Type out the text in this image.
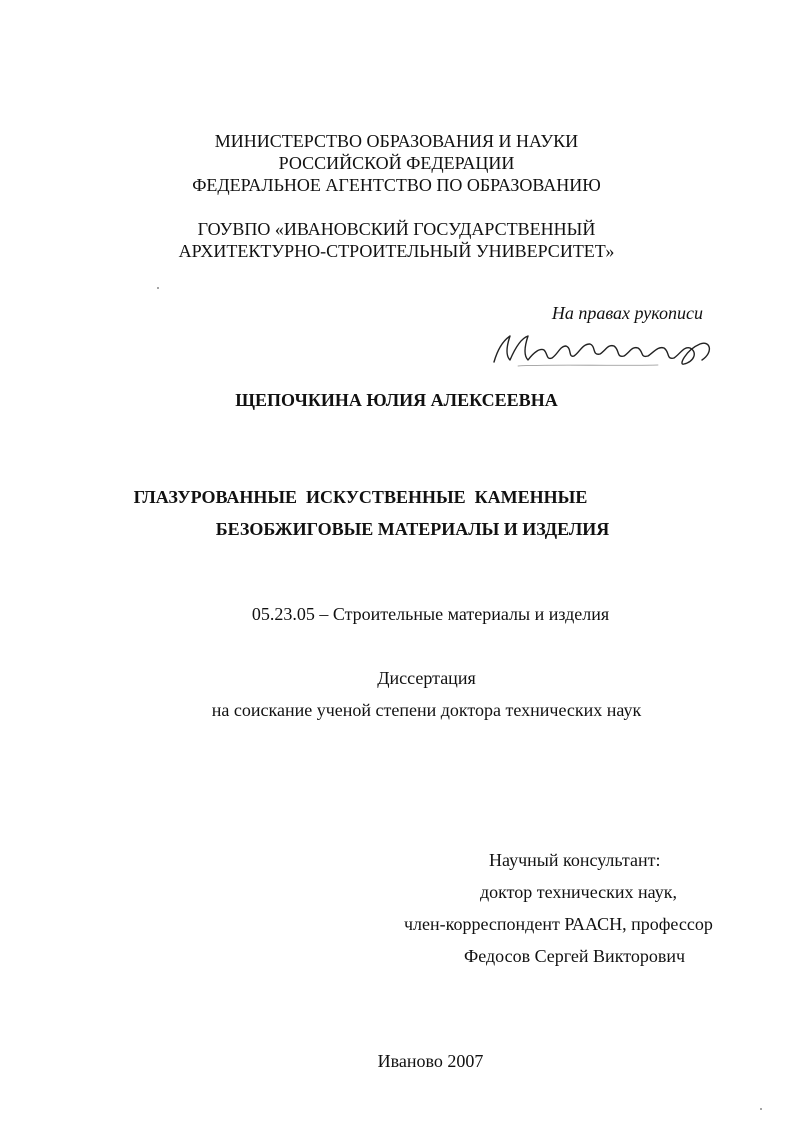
МИНИСТЕРСТВО ОБРАЗОВАНИЯ И НАУКИ
РОССИЙСКОЙ ФЕДЕРАЦИИ
ФЕДЕРАЛЬНОЕ АГЕНТСТВО ПО ОБРАЗОВАНИЮ
ГОУВПО «ИВАНОВСКИЙ ГОСУДАРСТВЕННЫЙ
АРХИТЕКТУРНО-СТРОИТЕЛЬНЫЙ УНИВЕРСИТЕТ»
На правах рукописи
ЩЕПОЧКИНА ЮЛИЯ АЛЕКСЕЕВНА
ГЛАЗУРОВАННЫЕ  ИСКУСТВЕННЫЕ  КАМЕННЫЕ
БЕЗОБЖИГОВЫЕ МАТЕРИАЛЫ И ИЗДЕЛИЯ
05.23.05 – Строительные материалы и изделия
Диссертация
на соискание ученой степени доктора технических наук
Научный консультант:
доктор технических наук,
член-корреспондент РААСН, профессор
Федосов Сергей Викторович
Иваново 2007
